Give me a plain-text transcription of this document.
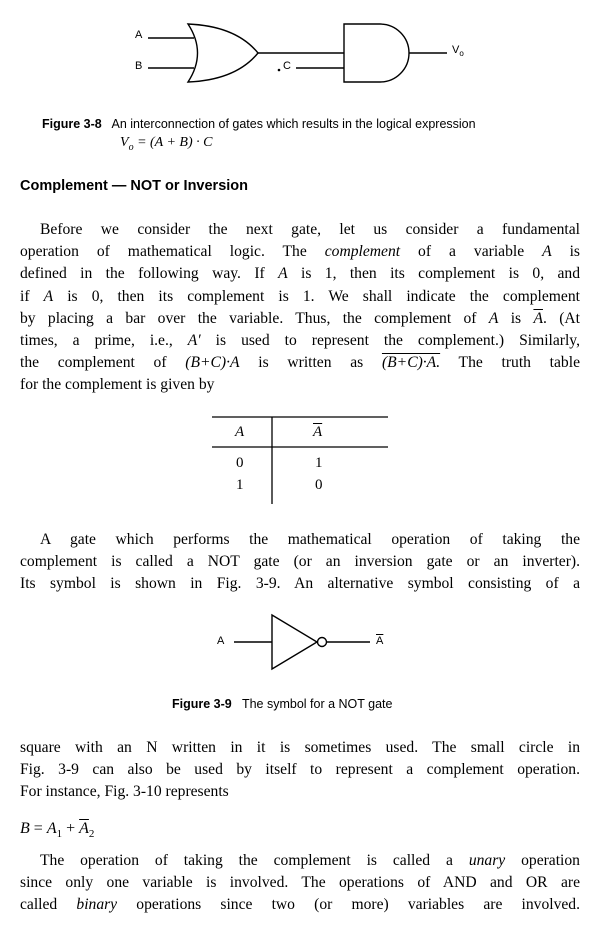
A
B	C
$V_o$
Figure 3-8 An interconnection of gates which results in the logical expression
$V_o = (A + B) \cdot C$
Complement — NOT or Inversion
Before we consider the next gate, let us consider a fundamental
operation of mathematical logic. The complement of a variable A is
defined in the following way. If A is 1, then its complement is 0, and
if A is 0, then its complement is 1. We shall indicate the complement
by placing a bar over the variable. Thus, the complement of A is $\overline{A}$. (At
times, a prime, i.e., A′ is used to represent the complement.) Similarly,
the complement of (B+C)·A is written as (B+C)·A. The truth table
for the complement is given by
A	$\overline{A}$
0	1
1	0
A gate which performs the mathematical operation of taking the
complement is called a NOT gate (or an inversion gate or an inverter).
Its symbol is shown in Fig. 3-9. An alternative symbol consisting of a
A	$\overline{A}$
Figure 3-9 The symbol for a NOT gate
square with an N written in it is sometimes used. The small circle in
Fig. 3-9 can also be used by itself to represent a complement operation.
For instance, Fig. 3-10 represents
$B = A_1 + \overline{A}_2$
The operation of taking the complement is called a unary operation
since only one variable is involved. The operations of AND and OR are
called binary operations since two (or more) variables are involved.
